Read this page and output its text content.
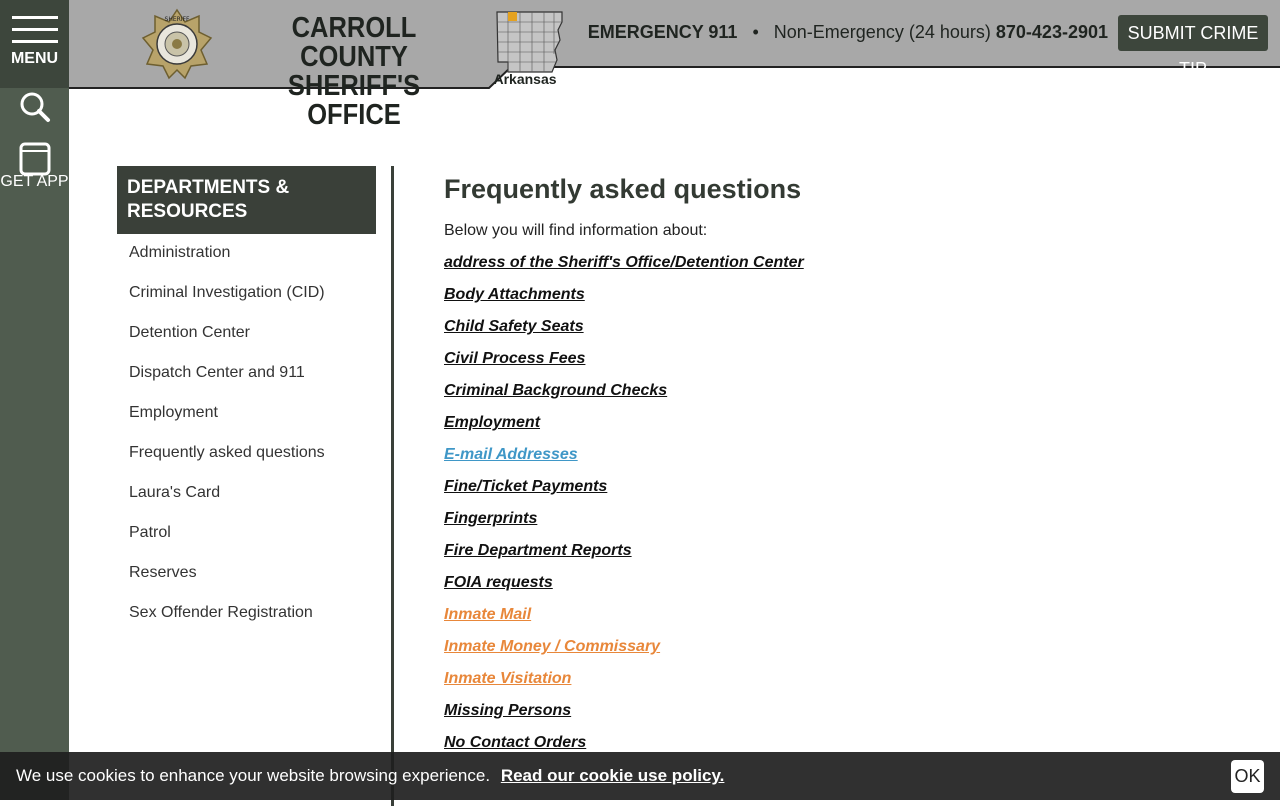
MENU
GET APP
SHERIFF	CARROLL COUNTY
SHERIFF'S OFFICE
Arkansas
EMERGENCY 911 • Non-Emergency (24 hours) 870-423-2901	SUBMIT CRIME TIP
DEPARTMENTS &
RESOURCES
Administration
Criminal Investigation (CID)
Detention Center
Dispatch Center and 911
Employment
Frequently asked questions
Laura's Card
Patrol
Reserves
Sex Offender Registration
Frequently asked questions
Below you will find information about:
address of the Sheriff's Office/Detention Center
Body Attachments
Child Safety Seats
Civil Process Fees
Criminal Background Checks
Employment
E-mail Addresses
Fine/Ticket Payments
Fingerprints
Fire Department Reports
FOIA requests
Inmate Mail
Inmate Money / Commissary
Inmate Visitation
Missing Persons
No Contact Orders
We use cookies to enhance your website browsing experience. Read our cookie use policy.	OK
